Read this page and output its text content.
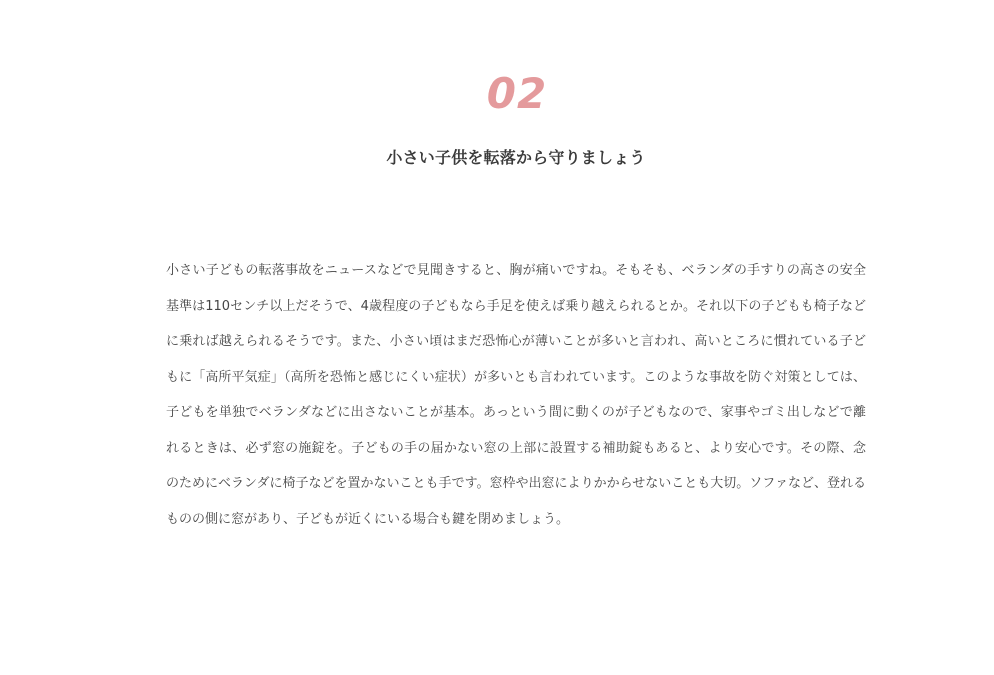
02
小さい子供を転落から守りましょう

小さい子どもの転落事故をニュースなどで見聞きすると、胸が痛いですね。そもそも、ベランダの手すりの高さの安全基準は110センチ以上だそうで、4歳程度の子どもなら手足を使えば乗り越えられるとか。それ以下の子どもも椅子などに乗れば越えられるそうです。また、小さい頃はまだ恐怖心が薄いことが多いと言われ、高いところに慣れている子どもに「高所平気症」（高所を恐怖と感じにくい症状）が多いとも言われています。このような事故を防ぐ対策としては、子どもを単独でベランダなどに出さないことが基本。あっという間に動くのが子どもなので、家事やゴミ出しなどで離れるときは、必ず窓の施錠を。子どもの手の届かない窓の上部に設置する補助錠もあると、より安心です。その際、念のためにベランダに椅子などを置かないことも手です。窓枠や出窓によりかからせないことも大切。ソファなど、登れるものの側に窓があり、子どもが近くにいる場合も鍵を閉めましょう。
